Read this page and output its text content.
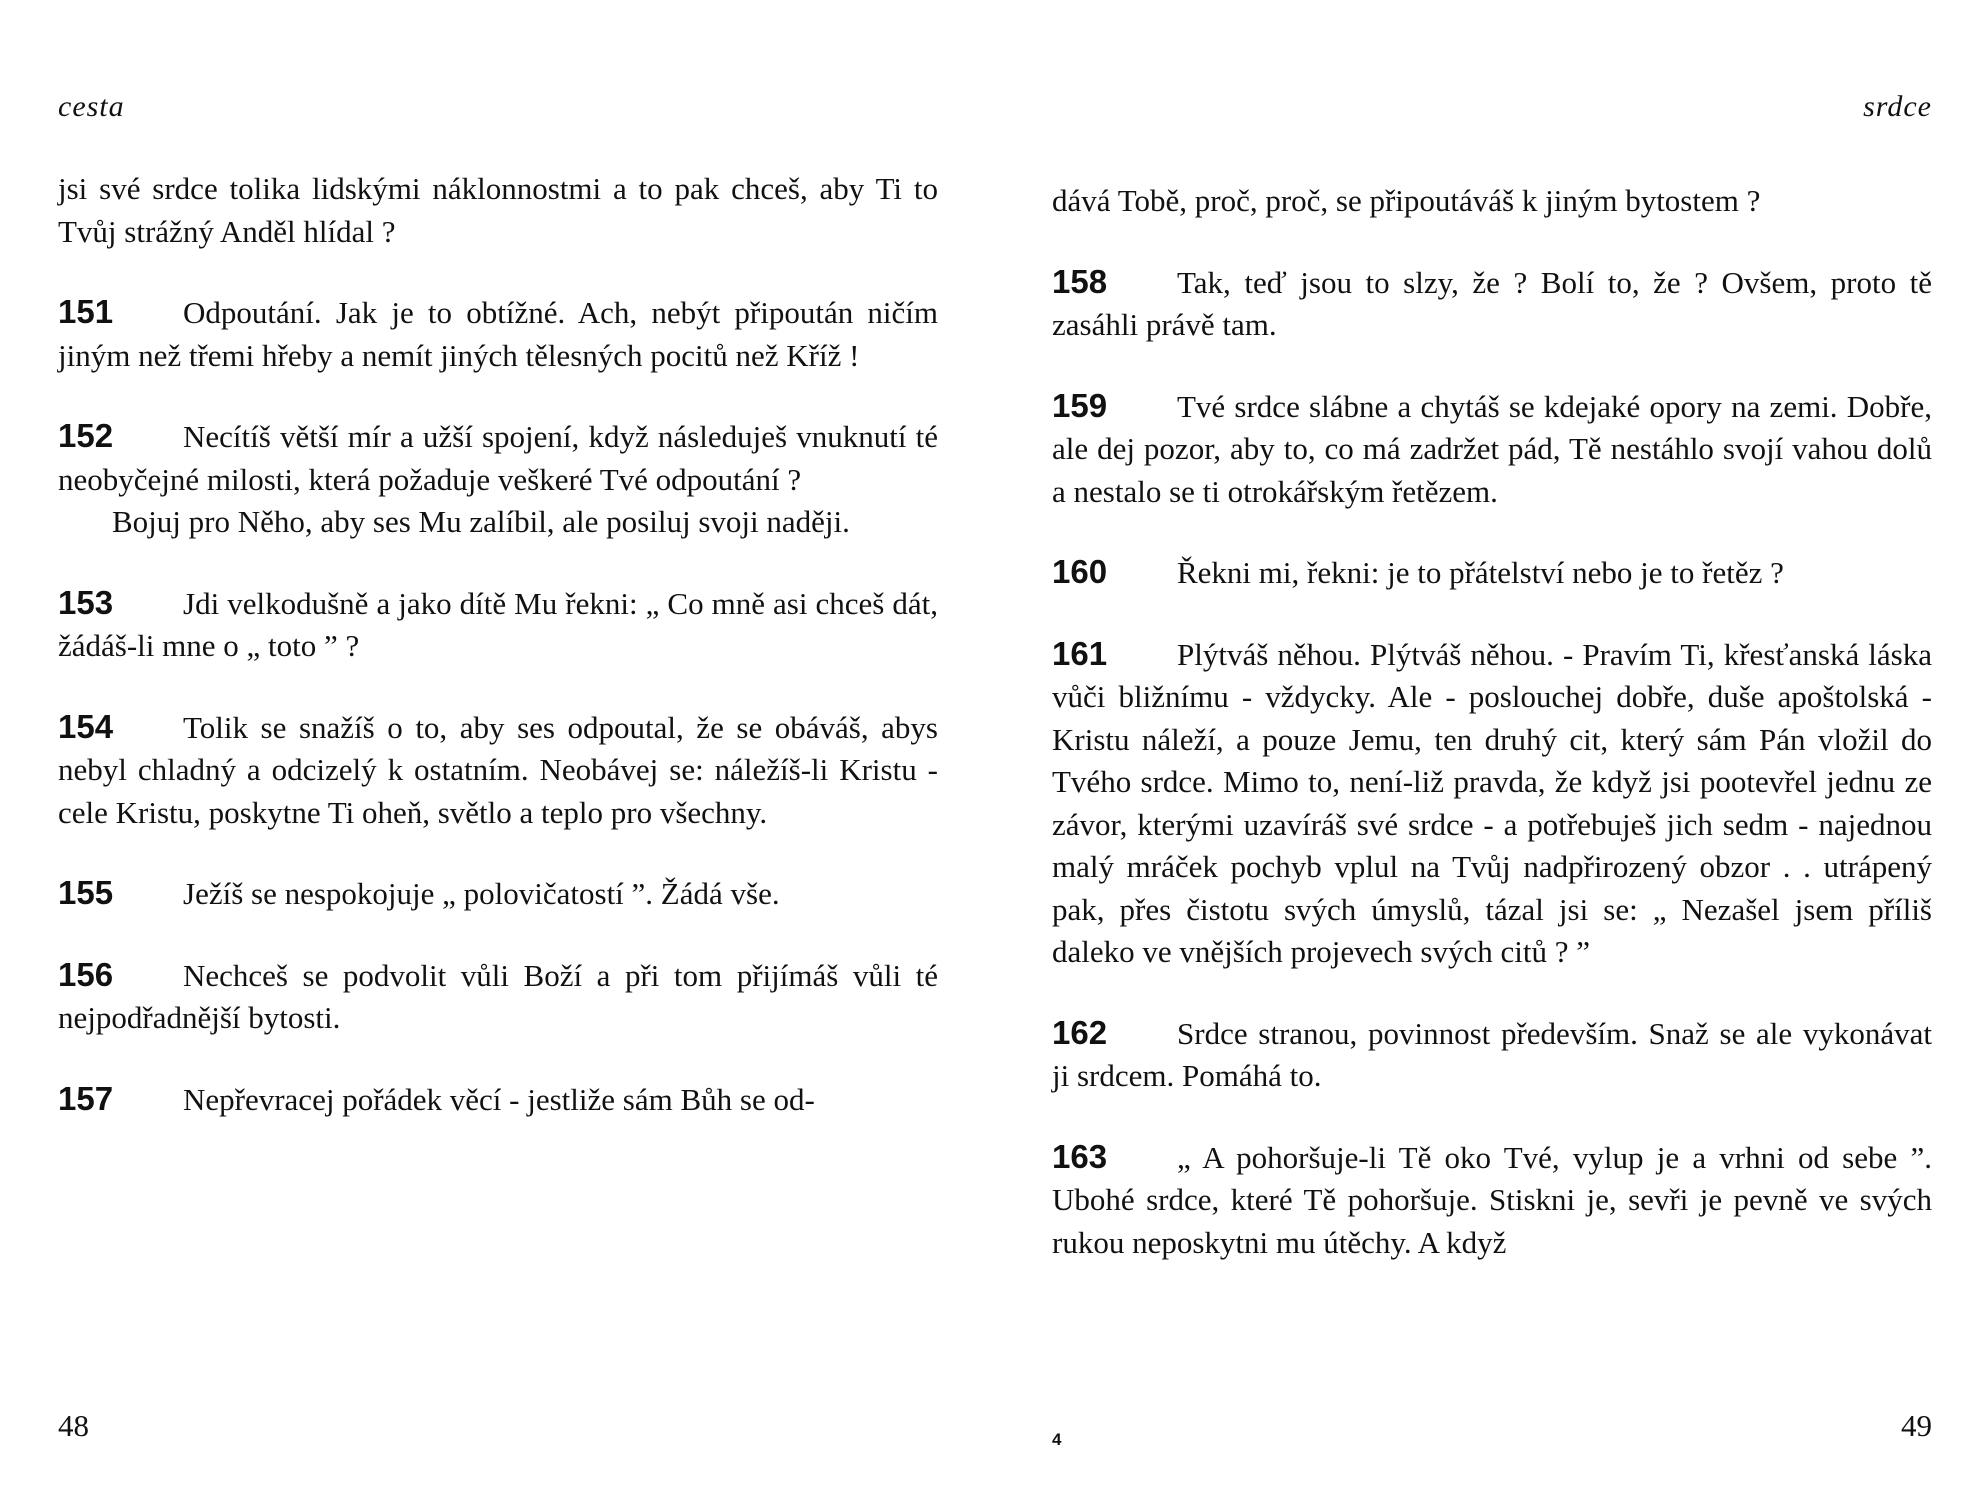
cesta

jsi své srdce tolika lidskými náklonnostmi a to pak chceš, aby Ti to Tvůj strážný Anděl hlídal ?

151 Odpoutání. Jak je to obtížné. Ach, nebýt připoután ničím jiným než třemi hřeby a nemít jiných tělesných pocitů než Kříž !

152 Necítíš větší mír a užší spojení, když následuješ vnuknutí té neobyčejné milosti, která požaduje veškeré Tvé odpoutání ?

Bojuj pro Něho, aby ses Mu zalíbil, ale posiluj svoji naději.

153 Jdi velkodušně a jako dítě Mu řekni: „ Co mně asi chceš dát, žádáš-li mne o „ toto ” ?

154 Tolik se snažíš o to, aby ses odpoutal, že se obáváš, abys nebyl chladný a odcizelý k ostatním. Neobávej se: náležíš-li Kristu - cele Kristu, poskytne Ti oheň, světlo a teplo pro všechny.

155 Ježíš se nespokojuje „ polovičatostí ”. Žádá vše.

156 Nechceš se podvolit vůli Boží a při tom přijímáš vůli té nejpodřadnější bytosti.

157 Nepřevracej pořádek věcí - jestliže sám Bůh se od-

48
srdce

dává Tobě, proč, proč, se připoutáváš k jiným bytostem ?

158 Tak, teď jsou to slzy, že ? Bolí to, že ? Ovšem, proto tě zasáhli právě tam.

159 Tvé srdce slábne a chytáš se kdejaké opory na zemi. Dobře, ale dej pozor, aby to, co má zadržet pád, Tě nestáhlo svojí vahou dolů a nestalo se ti otrokářským řetězem.

160 Řekni mi, řekni: je to přátelství nebo je to řetěz ?

161 Plýtváš něhou. Plýtváš něhou. - Pravím Ti, křesťanská láska vůči bližnímu - vždycky. Ale - poslouchej dobře, duše apoštolská - Kristu náleží, a pouze Jemu, ten druhý cit, který sám Pán vložil do Tvého srdce. Mimo to, není-liž pravda, že když jsi pootevřel jednu ze závor, kterými uzavíráš své srdce - a potřebuješ jich sedm - najednou malý mráček pochyb vplul na Tvůj nadpřirozený obzor . . utrápený pak, přes čistotu svých úmyslů, tázal jsi se: „ Nezašel jsem příliš daleko ve vnějších projevech svých citů ? ”

162 Srdce stranou, povinnost především. Snaž se ale vykonávat ji srdcem. Pomáhá to.

163 „ A pohoršuje-li Tě oko Tvé, vylup je a vrhni od sebe ”. Ubohé srdce, které Tě pohoršuje. Stiskni je, sevři je pevně ve svých rukou neposkytni mu útěchy. A když

4	49
